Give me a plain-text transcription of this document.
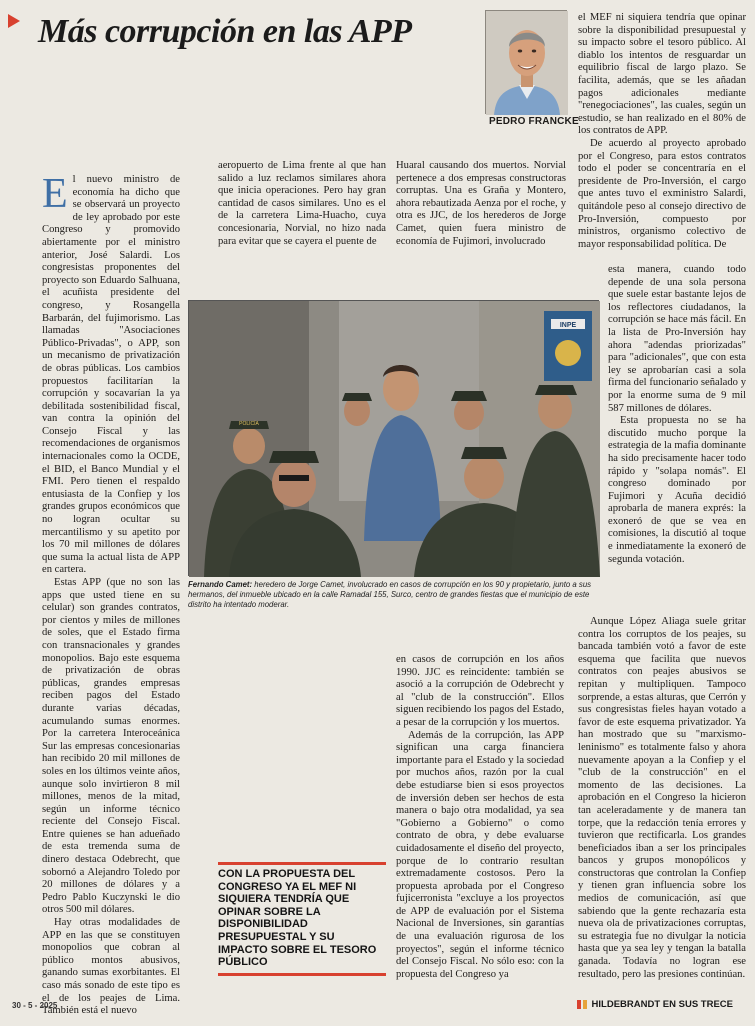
Más corrupción en las APP
PEDRO FRANCKE

El nuevo ministro de economía ha dicho que se observará un proyecto de ley aprobado por este Congreso y promovido abiertamente por el ministro anterior, José Salardi. Los congresistas proponentes del proyecto son Eduardo Salhuana, el acuñista presidente del congreso, y Rosangella Barbarán, del fujimorismo. Las llamadas "Asociaciones Público-Privadas", o APP, son un mecanismo de privatización de obras públicas. Los cambios propuestos facilitarían la corrupción y socavarían la ya debilitada sostenibilidad fiscal, van contra la opinión del Consejo Fiscal y las recomendaciones de organismos internacionales como la OCDE, el BID, el Banco Mundial y el FMI. Pero tienen el respaldo entusiasta de la Confiep y los grandes grupos económicos que no logran ocultar su mercantilismo y su apetito por los 70 mil millones de dólares que suma la actual lista de APP en cartera.

Estas APP (que no son las apps que usted tiene en su celular) son grandes contratos, por cientos y miles de millones de soles, que el Estado firma con transnacionales y grandes monopolios. Bajo este esquema de privatización de obras públicas, grandes empresas reciben pagos del Estado durante varias décadas, acumulando sumas enormes. Por la carretera Interoceánica Sur las empresas concesionarias han recibido 20 mil millones de soles en los últimos veinte años, aunque solo invirtieron 8 mil millones, menos de la mitad, según un informe técnico reciente del Consejo Fiscal. Entre quienes se han adueñado de esta tremenda suma de dinero destaca Odebrecht, que sobornó a Alejandro Toledo por 20 millones de dólares y a Pedro Pablo Kuczynski le dio otros 500 mil dólares.

Hay otras modalidades de APP en las que se constituyen monopolios que cobran al público montos abusivos, ganando sumas exorbitantes. El caso más sonado de este tipo es el de los peajes de Lima. También está el nuevo

aeropuerto de Lima frente al que han salido a luz reclamos similares ahora que inicia operaciones. Pero hay gran cantidad de casos similares. Uno es el de la carretera Lima-Huacho, cuya concesionaria, Norvial, no hizo nada para evitar que se cayera el puente de

Huaral causando dos muertos. Norvial pertenece a dos empresas constructoras corruptas. Una es Graña y Montero, ahora rebautizada Aenza por el roche, y otra es JJC, de los herederos de Jorge Camet, quien fuera ministro de economía de Fujimori, involucrado

en casos de corrupción en los años 1990. JJC es reincidente: también se asoció a la corrupción de Odebrecht y al "club de la construcción". Ellos siguen recibiendo los pagos del Estado, a pesar de la corrupción y los muertos.

Además de la corrupción, las APP significan una carga financiera importante para el Estado y la sociedad por muchos años, razón por la cual debe estudiarse bien si esos proyectos de inversión deben ser hechos de esta manera o bajo otra modalidad, ya sea "Gobierno a Gobierno" o como contrato de obra, y debe evaluarse cuidadosamente el diseño del proyecto, porque de lo contrario resultan extremadamente costosos. Pero la propuesta aprobada por el Congreso fujicerronista "excluye a los proyectos de APP de evaluación por el Sistema Nacional de Inversiones, sin garantías de una evaluación rigurosa de los proyectos", según el informe técnico del Consejo Fiscal. No sólo eso: con la propuesta del Congreso ya

el MEF ni siquiera tendría que opinar sobre la disponibilidad presupuestal y su impacto sobre el tesoro público. Al diablo los intentos de resguardar un equilibrio fiscal de largo plazo. Se facilita, además, que se les añadan pagos adicionales mediante "renegociaciones", las cuales, según un estudio, se han realizado en el 80% de los contratos de APP.

De acuerdo al proyecto aprobado por el Congreso, para estos contratos todo el poder se concentraría en el presidente de Pro-Inversión, el cargo que antes tuvo el exministro Salardi, quitándole peso al consejo directivo de Pro-Inversión, compuesto por ministros, organismo colectivo de mayor responsabilidad política. De

esta manera, cuando todo depende de una sola persona que suele estar bastante lejos de los reflectores ciudadanos, la corrupción se hace más fácil. En la lista de Pro-Inversión hay ahora "adendas priorizadas" para "adicionales", que con esta ley se aprobarían casi a sola firma del funcionario señalado y por la enorme suma de 9 mil 587 millones de dólares.

Esta propuesta no se ha discutido mucho porque la estrategia de la mafia dominante ha sido precisamente hacer todo rápido y "solapa nomás". El congreso dominado por Fujimori y Acuña decidió aprobarla de manera exprés: la exoneró de que se vea en comisiones, la discutió al toque e inmediatamente la exoneró de segunda votación.

Aunque López Aliaga suele gritar contra los corruptos de los peajes, su bancada también votó a favor de este esquema que facilita que nuevos contratos con peajes abusivos se repitan y multipliquen. Tampoco sorprende, a estas alturas, que Cerrón y sus congresistas fieles hayan votado a favor de este esquema privatizador. Ya han mostrado que su "marxismo-leninismo" es totalmente falso y ahora nuevamente apoyan a la Confiep y el "club de la construcción" en el momento de las decisiones. La aprobación en el Congreso la hicieron tan aceleradamente y de manera tan torpe, que la redacción tenía errores y tuvieron que rectificarla. Los grandes beneficiados iban a ser los principales bancos y grupos monopólicos y constructoras que controlan la Confiep y tienen gran influencia sobre los medios de comunicación, así que sabiendo que la gente rechazaría esta nueva ola de privatizaciones corruptas, su estrategia fue no divulgar la noticia hasta que ya sea ley y tengan la batalla ganada. Todavía no logran ese resultado, pero las presiones continúan.

INPE
POLICÍA
Fernando Camet: heredero de Jorge Camet, involucrado en casos de corrupción en los 90 y propietario, junto a sus hermanos, del inmueble ubicado en la calle Ramadal 155, Surco, centro de grandes fiestas que el municipio de este distrito ha intentado moderar.
CON LA PROPUESTA DEL CONGRESO YA EL MEF NI SIQUIERA TENDRÍA QUE OPINAR SOBRE LA DISPONIBILIDAD PRESUPUESTAL Y SU IMPACTO SOBRE EL TESORO PÚBLICO
30 - 5 - 2025	HILDEBRANDT EN SUS TRECE
